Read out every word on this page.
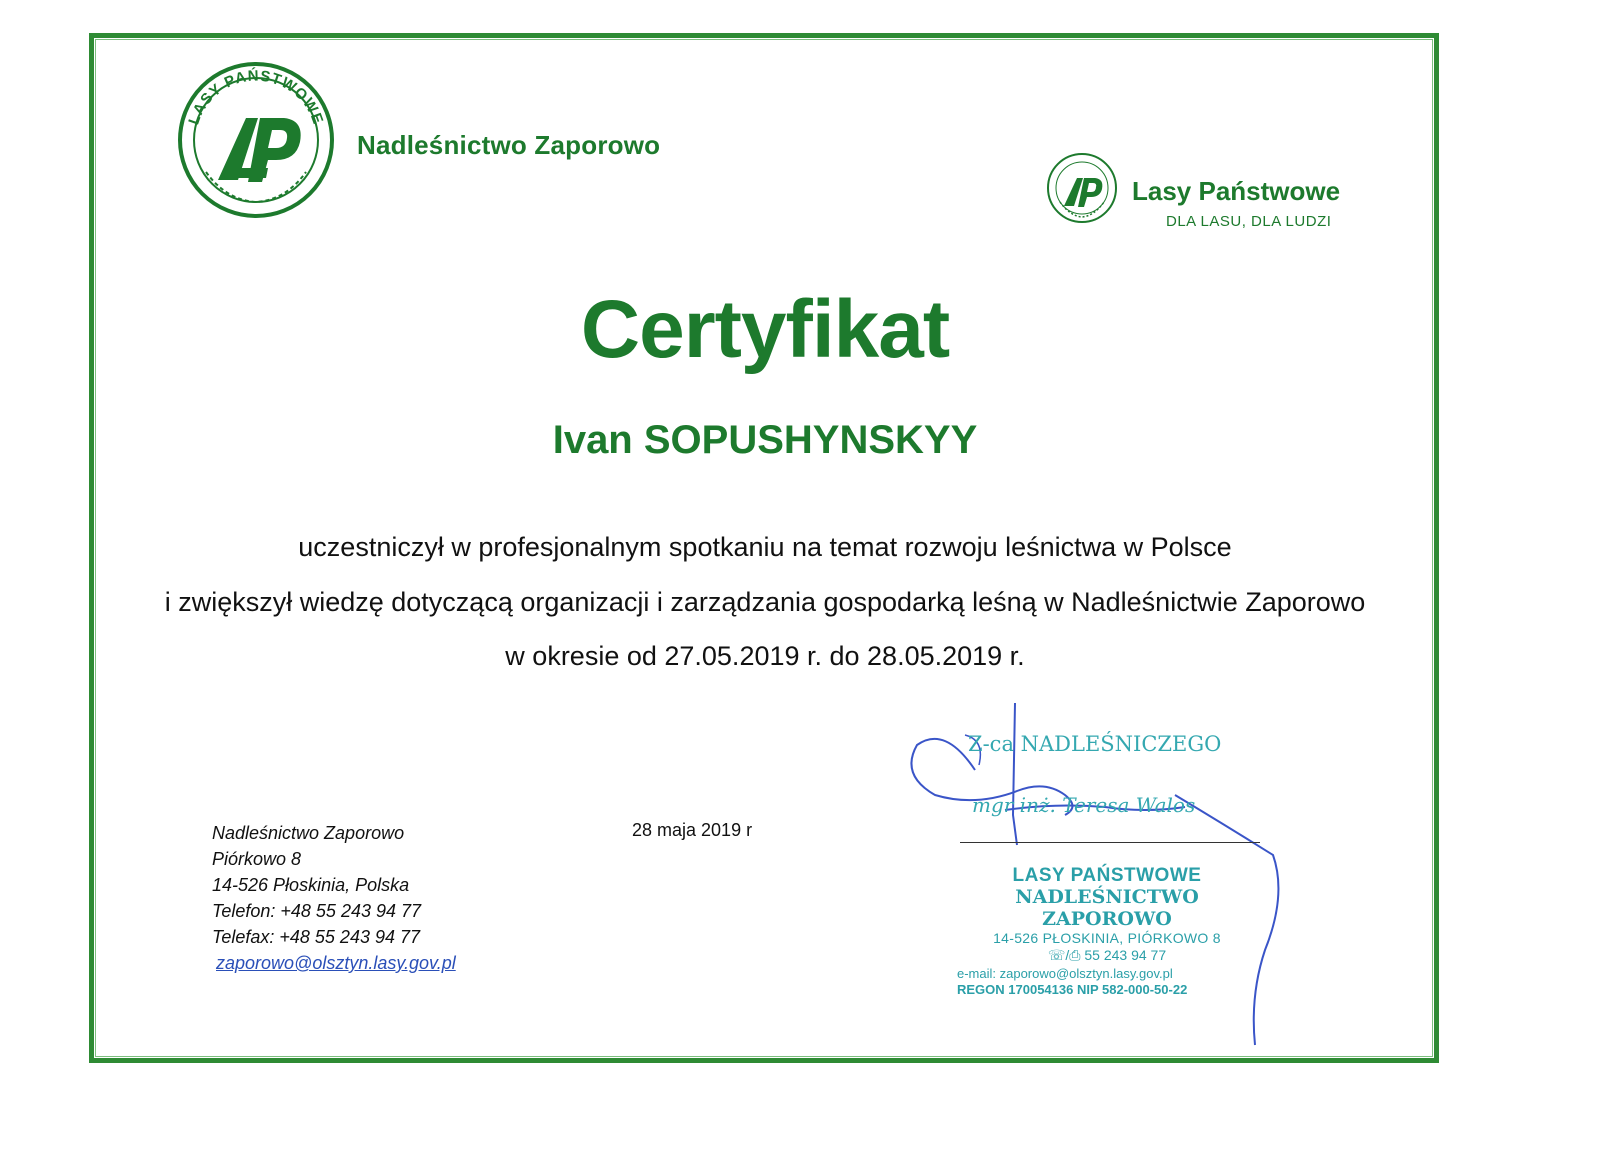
LASY PAŃSTWOWE
Nadleśnictwo Zaporowo
Lasy Państwowe
DLA LASU, DLA LUDZI
Certyfikat
Ivan SOPUSHYNSKYY
uczestniczył w profesjonalnym spotkaniu na temat rozwoju leśnictwa w Polsce
i zwiększył wiedzę dotyczącą organizacji i zarządzania gospodarką leśną w Nadleśnictwie Zaporowo
w okresie od 27.05.2019 r. do 28.05.2019 r.
Nadleśnictwo Zaporowo
Piórkowo 8
14-526 Płoskinia, Polska
Telefon: +48 55 243 94 77
Telefax: +48 55 243 94 77
zaporowo@olsztyn.lasy.gov.pl
28 maja 2019 r
Z-ca NADLEŚNICZEGO
mgr inż. Teresa Walos
LASY PAŃSTWOWE
NADLEŚNICTWO ZAPOROWO
14-526 PŁOSKINIA, PIÓRKOWO 8
☏/⎙ 55 243 94 77
e-mail: zaporowo@olsztyn.lasy.gov.pl
REGON 170054136 NIP 582-000-50-22
